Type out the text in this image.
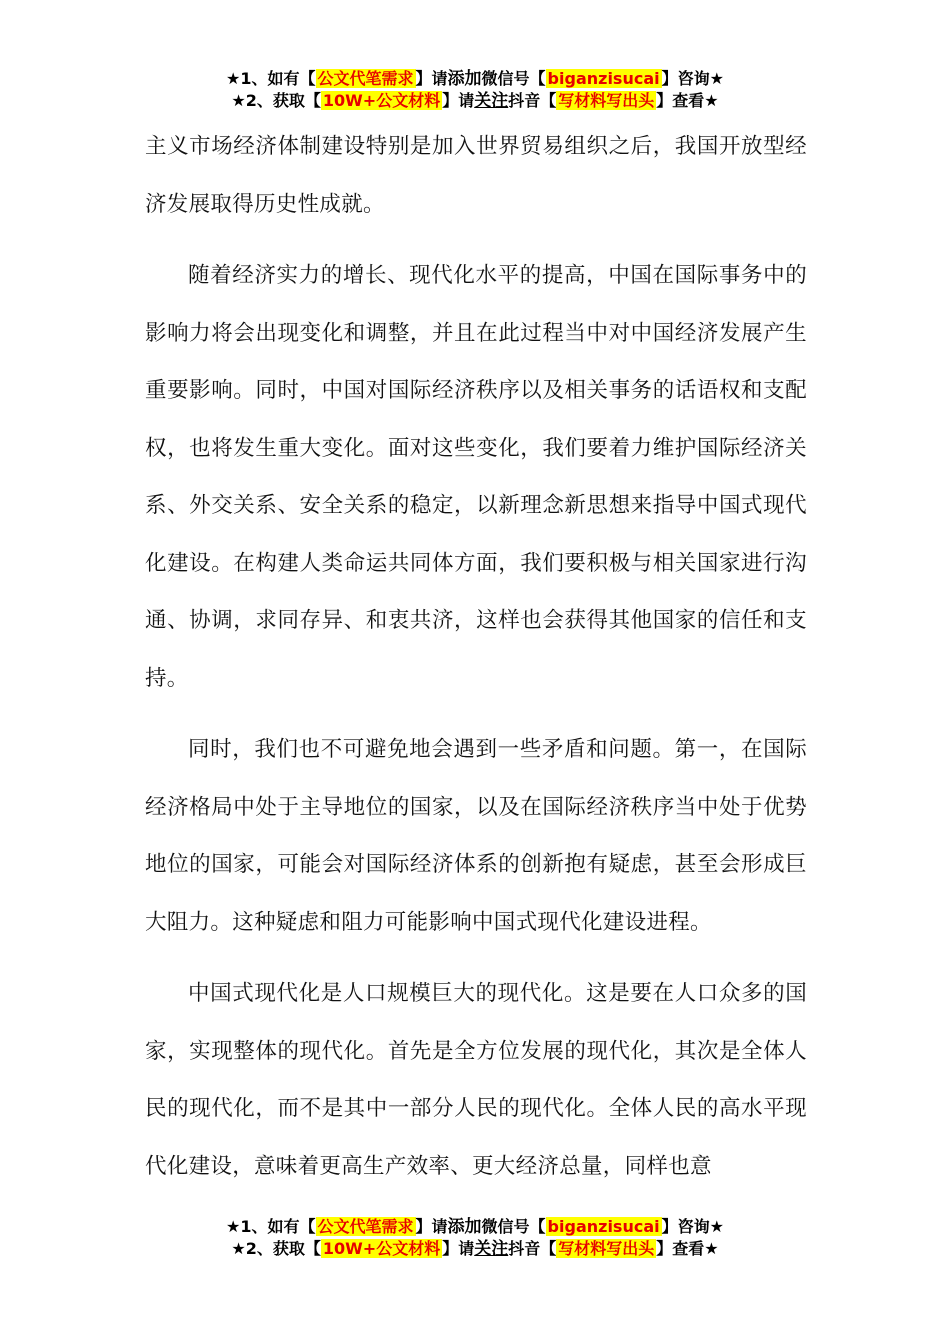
★1、如有【 公文代笔需求 】请添加微信号【 biganzisucai 】咨询★
★2、获取【 10W+公文材料 】请关注抖音【 写材料写出头 】查看★

主义市场经济体制建设特别是加入世界贸易组织之后，我国开放型经济发展取得历史性成就。

随着经济实力的增长、现代化水平的提高，中国在国际事务中的影响力将会出现变化和调整，并且在此过程当中对中国经济发展产生重要影响。同时，中国对国际经济秩序以及相关事务的话语权和支配权，也将发生重大变化。面对这些变化，我们要着力维护国际经济关系、外交关系、安全关系的稳定，以新理念新思想来指导中国式现代化建设。在构建人类命运共同体方面，我们要积极与相关国家进行沟通、协调，求同存异、和衷共济，这样也会获得其他国家的信任和支持。

同时，我们也不可避免地会遇到一些矛盾和问题。第一，在国际经济格局中处于主导地位的国家，以及在国际经济秩序当中处于优势地位的国家，可能会对国际经济体系的创新抱有疑虑，甚至会形成巨大阻力。这种疑虑和阻力可能影响中国式现代化建设进程。

中国式现代化是人口规模巨大的现代化。这是要在人口众多的国家，实现整体的现代化。首先是全方位发展的现代化，其次是全体人民的现代化，而不是其中一部分人民的现代化。全体人民的高水平现代化建设，意味着更高生产效率、更大经济总量，同样也意

★1、如有【 公文代笔需求 】请添加微信号【 biganzisucai 】咨询★
★2、获取【 10W+公文材料 】请关注抖音【 写材料写出头 】查看★
